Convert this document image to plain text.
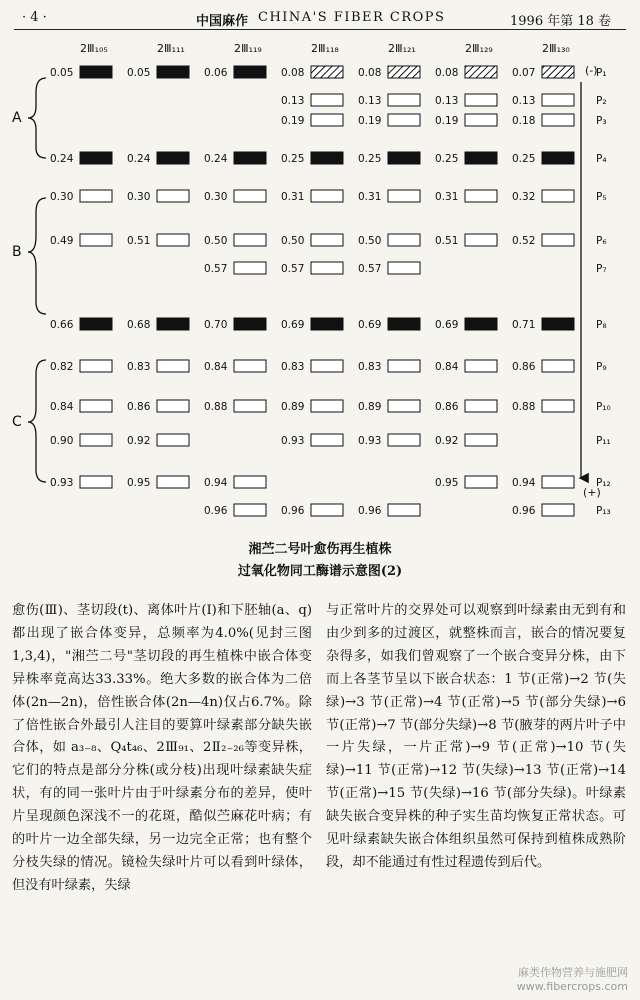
· 4 ·	中国麻作 CHINA'S FIBER CROPS	1996 年第 18 卷
2Ⅲ₁₀₅
0.05
0.24
0.30
0.49
0.66
0.82
0.84
0.90
0.93
2Ⅲ₁₁₁
0.05
0.24
0.30
0.51
0.68
0.83
0.86
0.92
0.95
2Ⅲ₁₁₉
0.06
0.24
0.30
0.50
0.57
0.70
0.84
0.88
0.94
0.96
2Ⅲ₁₁₈
0.08
0.13
0.19
0.25
0.31
0.50
0.57
0.69
0.83
0.89
0.93
0.96
2Ⅲ₁₂₁
0.08
0.13
0.19
0.25
0.31
0.50
0.57
0.69
0.83
0.89
0.93
0.96
2Ⅲ₁₂₉
0.08
0.13
0.19
0.25
0.31
0.51
0.69
0.84
0.86
0.92
0.95
2Ⅲ₁₃₀
0.07
0.13
0.18
0.25
0.32
0.52
0.71
0.86
0.88
0.94
0.96
P₁
P₂
P₃
P₄
P₅
P₆
P₇
P₈
P₉
P₁₀
P₁₁
P₁₂
P₁₃
A
B
C
(-)
(+)
湘苎二号叶愈伤再生植株
过氧化物同工酶谱示意图(2)

愈伤(Ⅲ)、茎切段(t)、离体叶片(I)和下胚轴(a、q)都出现了嵌合体变异，总频率为4.0%(见封三图1,3,4)，"湘苎二号"茎切段的再生植株中嵌合体变异株率竟高达33.33%。绝大多数的嵌合体为二倍体(2n—2n)，倍性嵌合体(2n—4n)仅占6.7%。除了倍性嵌合外最引人注目的要算叶绿素部分缺失嵌合体，如 a₃₋₈、Q₄t₄₆、2Ⅲ₉₁、2Ⅱ₂₋₂₆等变异株，它们的特点是部分分株(或分枝)出现叶绿素缺失症状，有的同一张叶片由于叶绿素分布的差异，使叶片呈现颜色深浅不一的花斑，酷似苎麻花叶病；有的叶片一边全部失绿，另一边完全正常；也有整个分枝失绿的情况。镜检失绿叶片可以看到叶绿体，但没有叶绿素，失绿

与正常叶片的交界处可以观察到叶绿素由无到有和由少到多的过渡区，就整株而言，嵌合的情况要复杂得多，如我们曾观察了一个嵌合变异分株，由下而上各茎节呈以下嵌合状态：1 节(正常)→2 节(失绿)→3 节(正常)→4 节(正常)→5 节(部分失绿)→6 节(正常)→7 节(部分失绿)→8 节(腋芽的两片叶子中一片失绿，一片正常)→9 节(正常)→10 节(失绿)→11 节(正常)→12 节(失绿)→13 节(正常)→14 节(正常)→15 节(失绿)→16 节(部分失绿)。叶绿素缺失嵌合变异株的种子实生苗均恢复正常状态。可见叶绿素缺失嵌合体组织虽然可保持到植株成熟阶段，却不能通过有性过程遗传到后代。

麻类作物营养与施肥网
www.fibercrops.com
